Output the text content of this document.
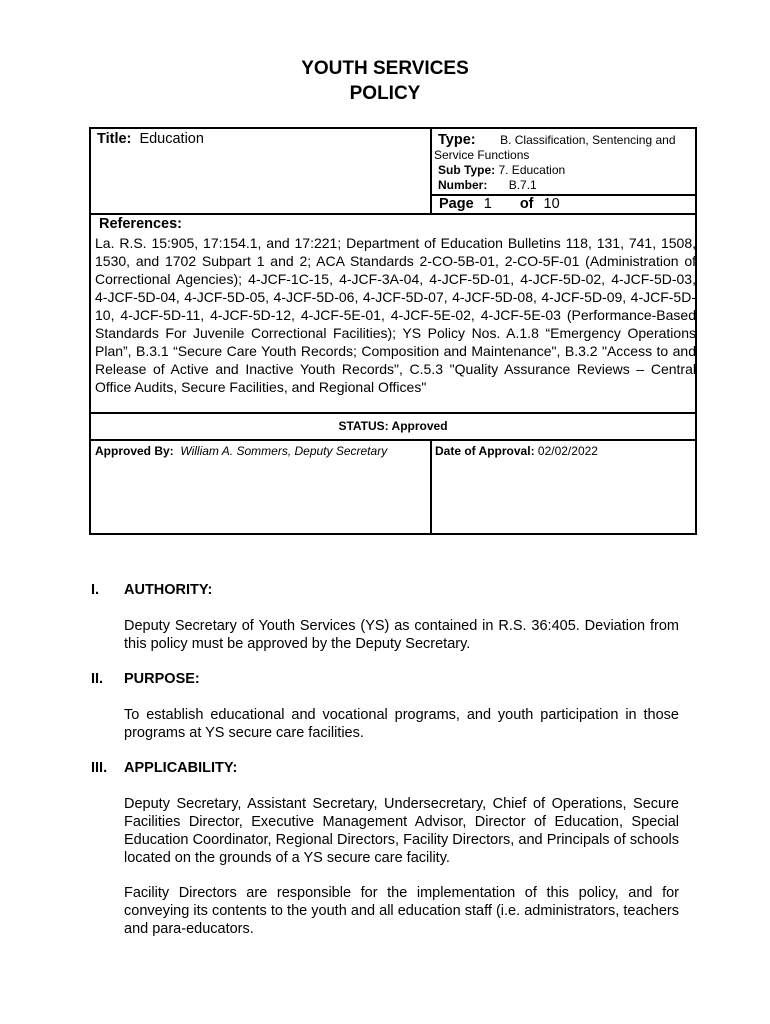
YOUTH SERVICES
POLICY
Title: Education	Type: B. Classification, Sentencing and
Service Functions
Sub Type: 7. Education
Number: B.7.1
Page 1 of 10
References:
La. R.S. 15:905, 17:154.1, and 17:221; Department of Education Bulletins 118, 131, 741, 1508, 1530, and 1702 Subpart 1 and 2; ACA Standards 2-CO-5B-01, 2-CO-5F-01 (Administration of Correctional Agencies); 4-JCF-1C-15, 4-JCF-3A-04, 4-JCF-5D-01, 4-JCF-5D-02, 4-JCF-5D-03, 4-JCF-5D-04, 4-JCF-5D-05, 4-JCF-5D-06, 4-JCF-5D-07, 4-JCF-5D-08, 4-JCF-5D-09, 4-JCF-5D-10, 4-JCF-5D-11, 4-JCF-5D-12, 4-JCF-5E-01, 4-JCF-5E-02, 4-JCF-5E-03 (Performance-Based Standards For Juvenile Correctional Facilities); YS Policy Nos. A.1.8 “Emergency Operations Plan”, B.3.1 “Secure Care Youth Records; Composition and Maintenance", B.3.2 "Access to and Release of Active and Inactive Youth Records", C.5.3 "Quality Assurance Reviews – Central Office Audits, Secure Facilities, and Regional Offices"
STATUS: Approved
Approved By: William A. Sommers, Deputy Secretary	Date of Approval: 02/02/2022
I. AUTHORITY:
Deputy Secretary of Youth Services (YS) as contained in R.S. 36:405. Deviation from this policy must be approved by the Deputy Secretary.
II. PURPOSE:
To establish educational and vocational programs, and youth participation in those programs at YS secure care facilities.
III. APPLICABILITY:
Deputy Secretary, Assistant Secretary, Undersecretary, Chief of Operations, Secure Facilities Director, Executive Management Advisor, Director of Education, Special Education Coordinator, Regional Directors, Facility Directors, and Principals of schools located on the grounds of a YS secure care facility.
Facility Directors are responsible for the implementation of this policy, and for conveying its contents to the youth and all education staff (i.e. administrators, teachers and para-educators.
